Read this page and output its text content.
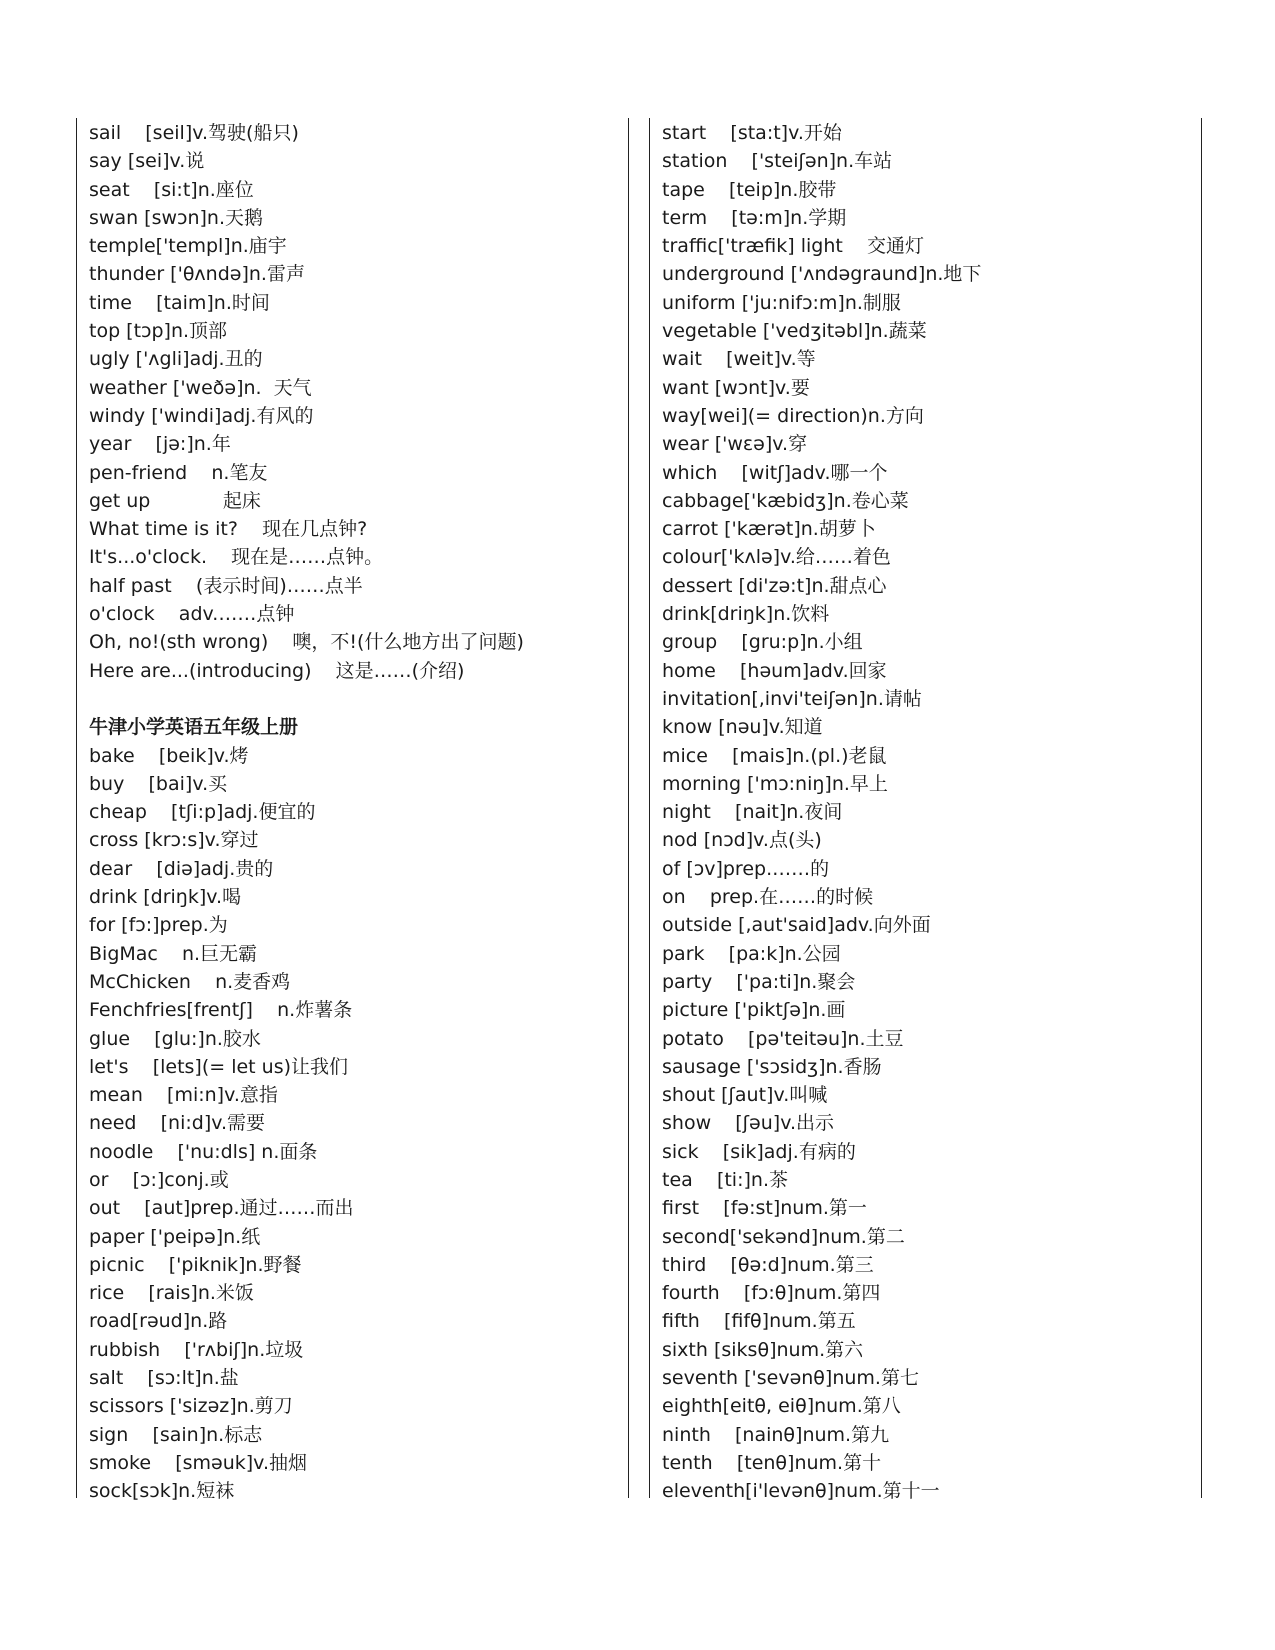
sail    [seil]v.驾驶(船只)
say [sei]v.说
seat    [si:t]n.座位
swan [swɔn]n.天鹅
temple['templ]n.庙宇
thunder ['θʌndə]n.雷声
time    [taim]n.时间
top [tɔp]n.顶部
ugly ['ʌgli]adj.丑的
weather ['weðə]n.  天气
windy ['windi]adj.有风的
year    [jə:]n.年
pen-friend    n.笔友
get up            起床
What time is it?    现在几点钟?
It's...o'clock.    现在是……点钟。
half past    (表示时间)……点半
o'clock    adv.……点钟
Oh, no!(sth wrong)    噢，不!(什么地方出了问题)
Here are...(introducing)    这是……(介绍)
牛津小学英语五年级上册
bake    [beik]v.烤
buy    [bai]v.买
cheap    [tʃi:p]adj.便宜的
cross [krɔ:s]v.穿过
dear    [diə]adj.贵的
drink [driŋk]v.喝
for [fɔ:]prep.为
BigMac    n.巨无霸
McChicken    n.麦香鸡
Fenchfries[frentʃ]    n.炸薯条
glue    [glu:]n.胶水
let's    [lets](= let us)让我们
mean    [mi:n]v.意指
need    [ni:d]v.需要
noodle    ['nu:dls] n.面条
or    [ɔ:]conj.或
out    [aut]prep.通过……而出
paper ['peipə]n.纸
picnic    ['piknik]n.野餐
rice    [rais]n.米饭
road[rəud]n.路
rubbish    ['rʌbiʃ]n.垃圾
salt    [sɔ:lt]n.盐
scissors ['sizəz]n.剪刀
sign    [sain]n.标志
smoke    [sməuk]v.抽烟
sock[sɔk]n.短袜
start    [sta:t]v.开始
station    ['steiʃən]n.车站
tape    [teip]n.胶带
term    [tə:m]n.学期
traffic['træfik] light    交通灯
underground ['ʌndəgraund]n.地下
uniform ['ju:nifɔ:m]n.制服
vegetable ['vedʒitəbl]n.蔬菜
wait    [weit]v.等
want [wɔnt]v.要
way[wei](= direction)n.方向
wear ['wɛə]v.穿
which    [witʃ]adv.哪一个
cabbage['kæbidʒ]n.卷心菜
carrot ['kærət]n.胡萝卜
colour['kʌlə]v.给……着色
dessert [di'zə:t]n.甜点心
drink[driŋk]n.饮料
group    [gru:p]n.小组
home    [həum]adv.回家
invitation[,invi'teiʃən]n.请帖
know [nəu]v.知道
mice    [mais]n.(pl.)老鼠
morning ['mɔ:niŋ]n.早上
night    [nait]n.夜间
nod [nɔd]v.点(头)
of [ɔv]prep.……的
on    prep.在……的时候
outside [,aut'said]adv.向外面
park    [pa:k]n.公园
party    ['pa:ti]n.聚会
picture ['piktʃə]n.画
potato    [pə'teitəu]n.土豆
sausage ['sɔsidʒ]n.香肠
shout [ʃaut]v.叫喊
show    [ʃəu]v.出示
sick    [sik]adj.有病的
tea    [ti:]n.茶
first    [fə:st]num.第一
second['sekənd]num.第二
third    [θə:d]num.第三
fourth    [fɔ:θ]num.第四
fifth    [fifθ]num.第五
sixth [siksθ]num.第六
seventh ['sevənθ]num.第七
eighth[eitθ, eiθ]num.第八
ninth    [nainθ]num.第九
tenth    [tenθ]num.第十
eleventh[i'levənθ]num.第十一
